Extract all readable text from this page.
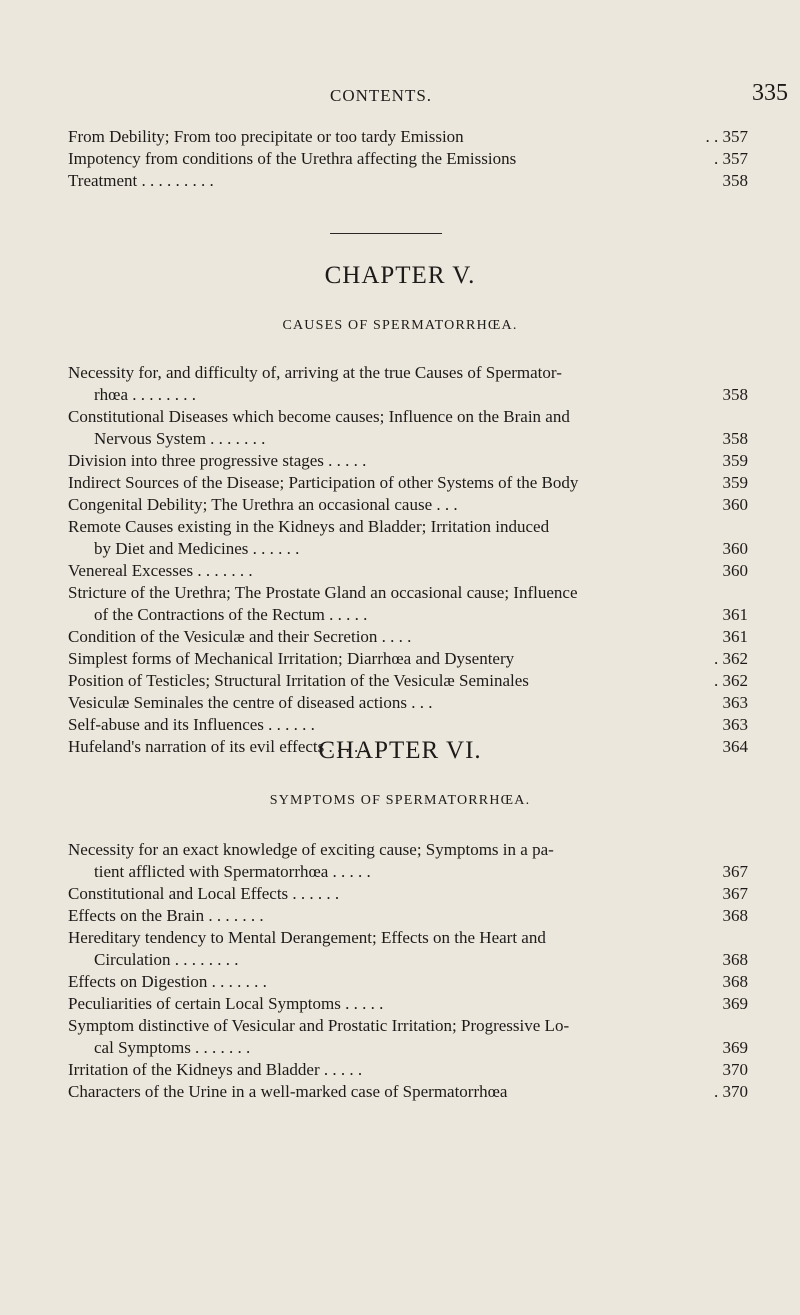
CONTENTS.	335
From Debility; From too precipitate or too tardy Emission	. . 357
Impotency from conditions of the Urethra affecting the Emissions	. 357
Treatment . . . . . . . . .	358
CHAPTER V.
CAUSES OF SPERMATORRHŒA.
Necessity for, and difficulty of, arriving at the true Causes of Spermator-
rhœa . . . . . . . .	358
Constitutional Diseases which become causes; Influence on the Brain and
Nervous System . . . . . . .	358
Division into three progressive stages . . . . .	359
Indirect Sources of the Disease; Participation of other Systems of the Body	359
Congenital Debility; The Urethra an occasional cause . . .	360
Remote Causes existing in the Kidneys and Bladder; Irritation induced
by Diet and Medicines . . . . . .	360
Venereal Excesses . . . . . . .	360
Stricture of the Urethra; The Prostate Gland an occasional cause; Influence
of the Contractions of the Rectum . . . . .	361
Condition of the Vesiculæ and their Secretion . . . .	361
Simplest forms of Mechanical Irritation; Diarrhœa and Dysentery	. 362
Position of Testicles; Structural Irritation of the Vesiculæ Seminales	. 362
Vesiculæ Seminales the centre of diseased actions . . .	363
Self-abuse and its Influences . . . . . .	363
Hufeland's narration of its evil effects . . . . .	364
CHAPTER VI.
SYMPTOMS OF SPERMATORRHŒA.
Necessity for an exact knowledge of exciting cause; Symptoms in a pa-
tient afflicted with Spermatorrhœa . . . . .	367
Constitutional and Local Effects . . . . . .	367
Effects on the Brain . . . . . . .	368
Hereditary tendency to Mental Derangement; Effects on the Heart and
Circulation . . . . . . . .	368
Effects on Digestion . . . . . . .	368
Peculiarities of certain Local Symptoms . . . . .	369
Symptom distinctive of Vesicular and Prostatic Irritation; Progressive Lo-
cal Symptoms . . . . . . .	369
Irritation of the Kidneys and Bladder . . . . .	370
Characters of the Urine in a well-marked case of Spermatorrhœa	. 370
